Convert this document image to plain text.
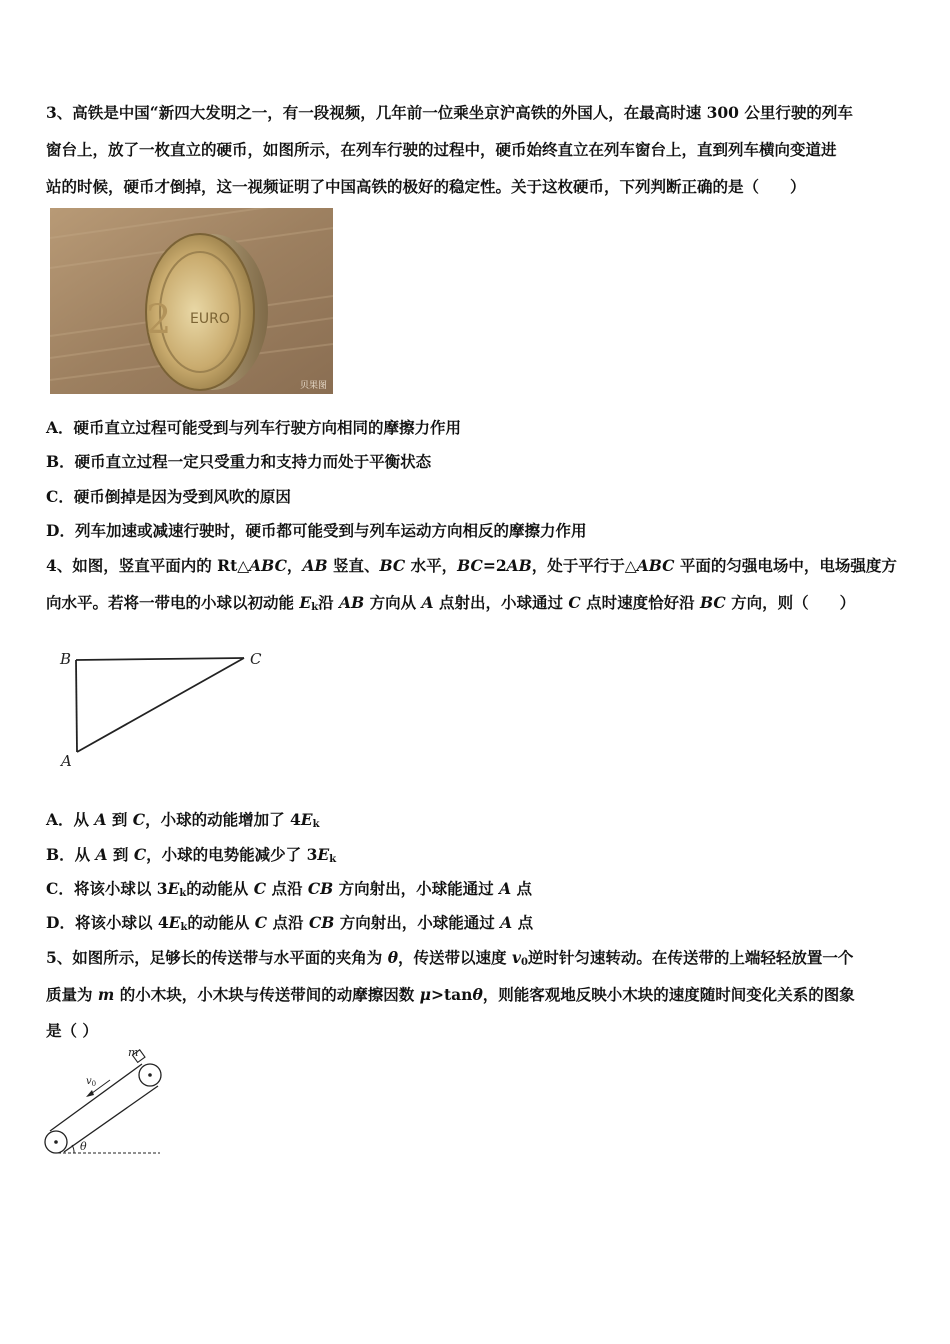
3、高铁是中国“新四大发明之一，有一段视频，几年前一位乘坐京沪高铁的外国人，在最高时速 300 公里行驶的列车
窗台上，放了一枚直立的硬币，如图所示，在列车行驶的过程中，硬币始终直立在列车窗台上，直到列车横向变道进
站的时候，硬币才倒掉，这一视频证明了中国高铁的极好的稳定性。关于这枚硬币，下列判断正确的是（　　）
2 EURO
贝果图
A．硬币直立过程可能受到与列车行驶方向相同的摩擦力作用
B．硬币直立过程一定只受重力和支持力而处于平衡状态
C．硬币倒掉是因为受到风吹的原因
D．列车加速或减速行驶时，硬币都可能受到与列车运动方向相反的摩擦力作用
4、如图，竖直平面内的 Rt△ABC，AB 竖直、BC 水平，BC=2AB，处于平行于△ABC 平面的匀强电场中，电场强度方
向水平。若将一带电的小球以初动能 $E_k$沿 AB 方向从 A 点射出，小球通过 C 点时速度恰好沿 BC 方向，则（　　）
B	C
A
A．从 A 到 C，小球的动能增加了 $4E_k$
B．从 A 到 C，小球的电势能减少了 $3E_k$
C．将该小球以 $3E_k$的动能从 C 点沿 CB 方向射出，小球能通过 A 点
D．将该小球以 $4E_k$的动能从 C 点沿 CB 方向射出，小球能通过 A 点
5、如图所示，足够长的传送带与水平面的夹角为 θ，传送带以速度 $v_0$逆时针匀速转动。在传送带的上端轻轻放置一个
质量为 m 的小木块，小木块与传送带间的动摩擦因数 μ>tanθ，则能客观地反映小木块的速度随时间变化关系的图象
是（ ）
m
$v_0$
θ
